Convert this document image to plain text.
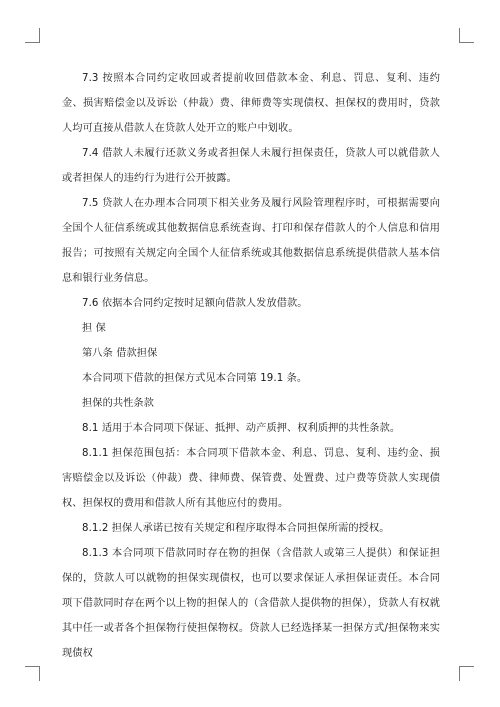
7.3 按照本合同约定收回或者提前收回借款本金、利息、罚息、复利、违约金、损害赔偿金以及诉讼（仲裁）费、律师费等实现债权、担保权的费用时，贷款人均可直接从借款人在贷款人处开立的账户中划收。

7.4 借款人未履行还款义务或者担保人未履行担保责任，贷款人可以就借款人或者担保人的违约行为进行公开披露。

7.5 贷款人在办理本合同项下相关业务及履行风险管理程序时，可根据需要向全国个人征信系统或其他数据信息系统查询、打印和保存借款人的个人信息和信用报告；可按照有关规定向全国个人征信系统或其他数据信息系统提供借款人基本信息和银行业务信息。

7.6 依据本合同约定按时足额向借款人发放借款。

担 保

第八条 借款担保

本合同项下借款的担保方式见本合同第 19.1 条。

担保的共性条款

8.1 适用于本合同项下保证、抵押、动产质押、权利质押的共性条款。

8.1.1 担保范围包括：本合同项下借款本金、利息、罚息、复利、违约金、损害赔偿金以及诉讼（仲裁）费、律师费、保管费、处置费、过户费等贷款人实现债权、担保权的费用和借款人所有其他应付的费用。

8.1.2 担保人承诺已按有关规定和程序取得本合同担保所需的授权。

8.1.3 本合同项下借款同时存在物的担保（含借款人或第三人提供）和保证担保的，贷款人可以就物的担保实现债权，也可以要求保证人承担保证责任。本合同项下借款同时存在两个以上物的担保人的（含借款人提供物的担保），贷款人有权就其中任一或者各个担保物行使担保物权。贷款人已经选择某一担保方式/担保物来实现债权
